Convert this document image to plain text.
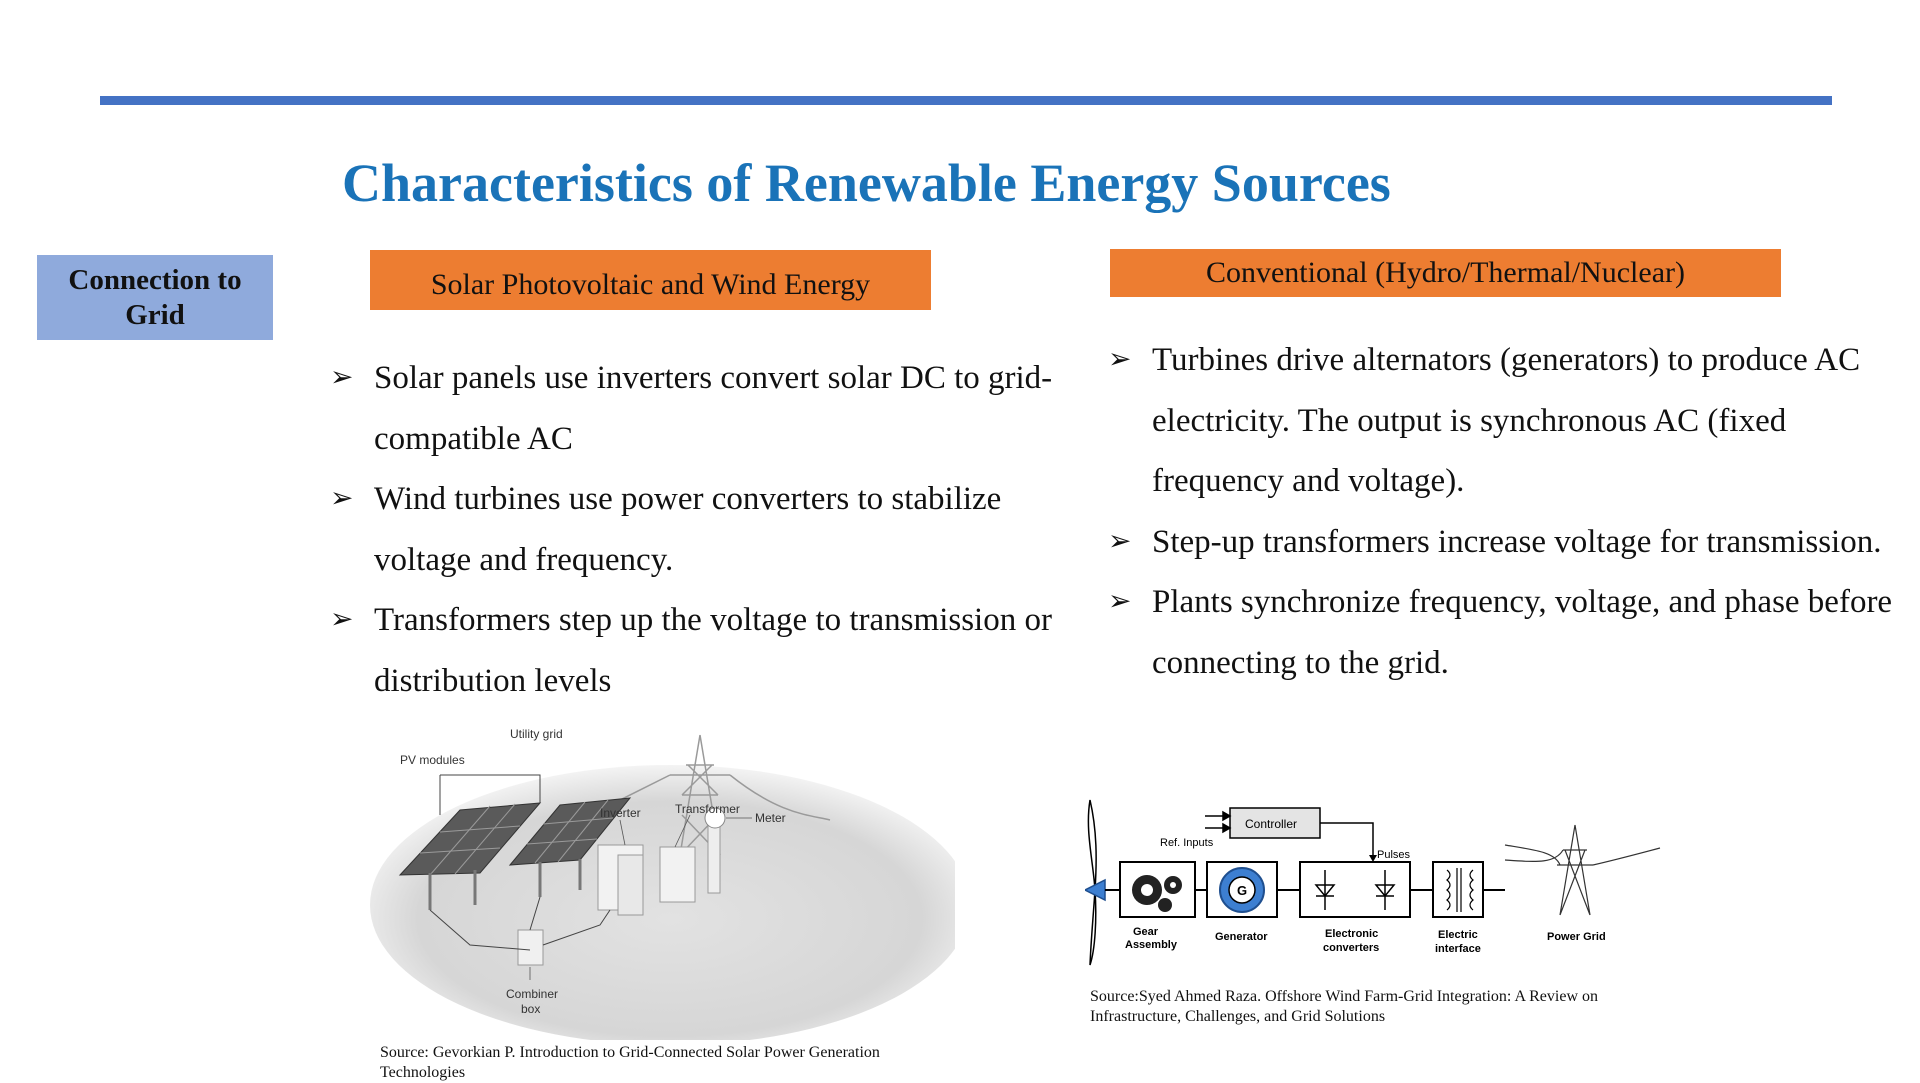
Characteristics of Renewable Energy Sources
Connection to Grid
Solar Photovoltaic and Wind Energy	Conventional (Hydro/Thermal/Nuclear)
➢ Solar panels use inverters convert solar DC to grid-compatible AC
➢ Wind turbines use power converters to stabilize voltage and frequency.
➢ Transformers step up the voltage to transmission or distribution levels
➢ Turbines drive alternators (generators) to produce AC electricity. The output is synchronous AC (fixed frequency and voltage).
➢ Step-up transformers increase voltage for transmission.
➢ Plants synchronize frequency, voltage, and phase before connecting to the grid.
Utility grid
PV modules
Transformer
Inverter	Meter
Combiner
box
G
Controller
Ref. Inputs
Pulses
Gear
Assembly
Generator	Electronic
converters
Electric
interface
Power Grid
Source: Gevorkian P. Introduction to Grid-Connected Solar Power Generation Technologies
Source:Syed Ahmed Raza. Offshore Wind Farm-Grid Integration: A Review on Infrastructure, Challenges, and Grid Solutions
